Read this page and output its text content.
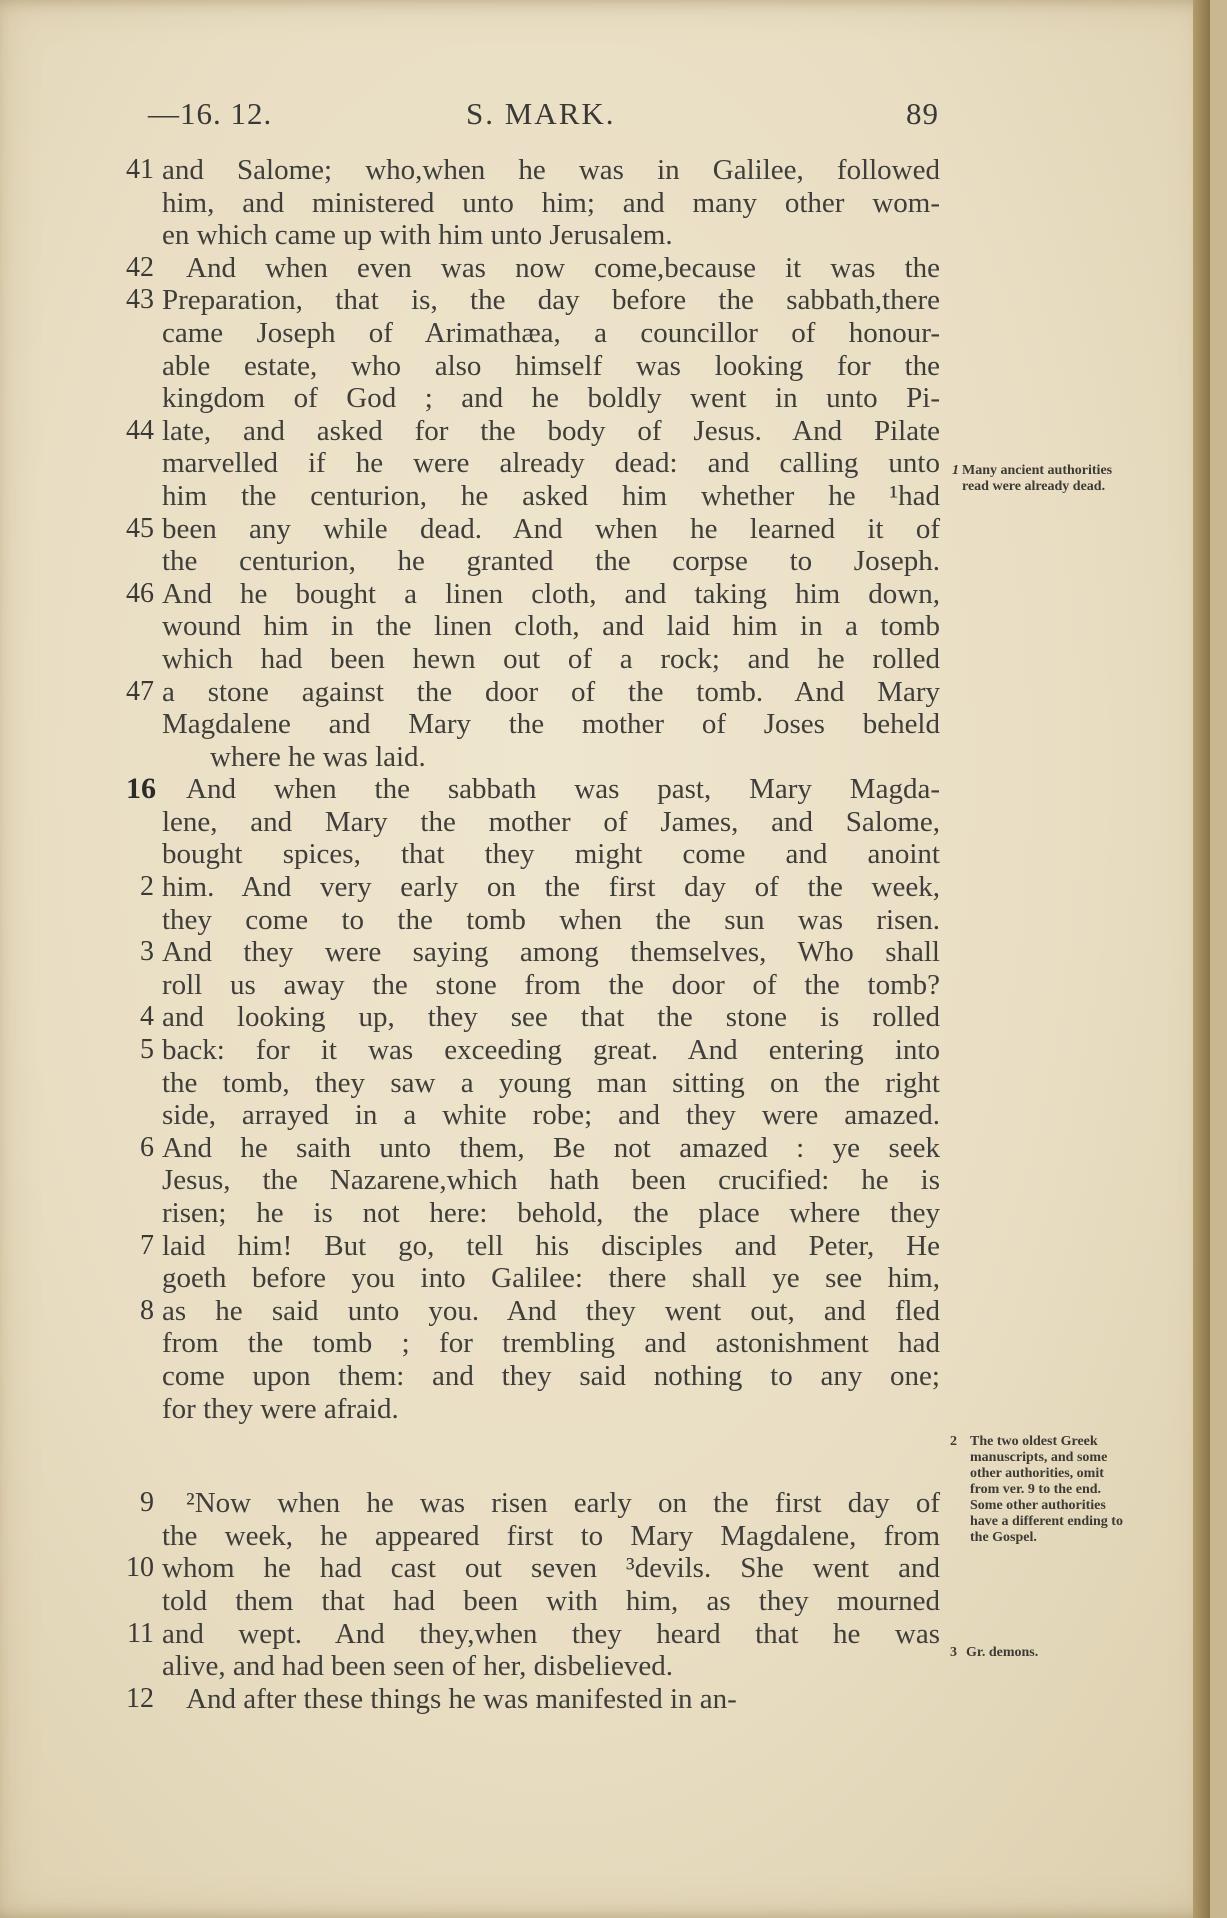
—16. 12.	S. MARK.	89
41 and Salome; who,when he was in Galilee, followed
him, and ministered unto him; and many other wom-
en which came up with him unto Jerusalem.
42 And when even was now come,because it was the
43 Preparation, that is, the day before the sabbath,there
came Joseph of Arimathæa, a councillor of honour-
able estate, who also himself was looking for the
kingdom of God ; and he boldly went in unto Pi-
44 late, and asked for the body of Jesus. And Pilate
marvelled if he were already dead: and calling unto
him the centurion, he asked him whether he ¹had
45 been any while dead. And when he learned it of
the centurion, he granted the corpse to Joseph.
46 And he bought a linen cloth, and taking him down,
wound him in the linen cloth, and laid him in a tomb
which had been hewn out of a rock; and he rolled
47 a stone against the door of the tomb. And Mary
Magdalene and Mary the mother of Joses beheld
where he was laid.
16 And when the sabbath was past, Mary Magda-
lene, and Mary the mother of James, and Salome,
bought spices, that they might come and anoint
2 him. And very early on the first day of the week,
they come to the tomb when the sun was risen.
3 And they were saying among themselves, Who shall
roll us away the stone from the door of the tomb?
4 and looking up, they see that the stone is rolled
5 back: for it was exceeding great. And entering into
the tomb, they saw a young man sitting on the right
side, arrayed in a white robe; and they were amazed.
6 And he saith unto them, Be not amazed : ye seek
Jesus, the Nazarene,which hath been crucified: he is
risen; he is not here: behold, the place where they
7 laid him! But go, tell his disciples and Peter, He
goeth before you into Galilee: there shall ye see him,
8 as he said unto you. And they went out, and fled
from the tomb ; for trembling and astonishment had
come upon them: and they said nothing to any one;
for they were afraid.
9 ²Now when he was risen early on the first day of
the week, he appeared first to Mary Magdalene, from
10 whom he had cast out seven ³devils. She went and
told them that had been with him, as they mourned
11 and wept. And they,when they heard that he was
alive, and had been seen of her, disbelieved.
12 And after these things he was manifested in an-
1 Many ancient authorities read were already dead.
2 The two oldest Greek manuscripts, and some other authorities, omit from ver. 9 to the end. Some other authorities have a different ending to the Gospel.
3 Gr. demons.
